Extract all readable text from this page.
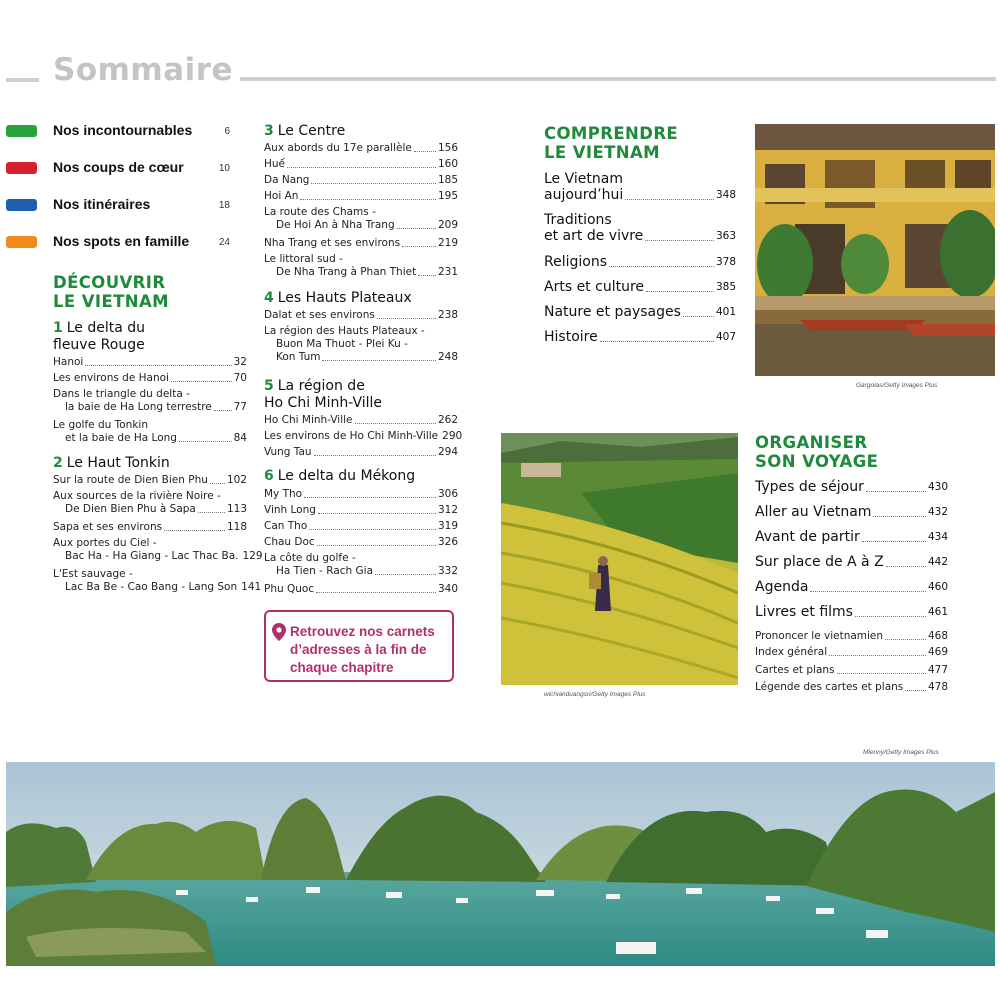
Sommaire
Nos incontournables	6
Nos coups de cœur	10
Nos itinéraires	18
Nos spots en famille	24
DÉCOUVRIR
LE VIETNAM
1 Le delta du
fleuve Rouge
Hanoi	32
Les environs de Hanoi	70
Dans le triangle du delta -
la baie de Ha Long terrestre 77
Le golfe du Tonkin
et la baie de Ha Long	84
2 Le Haut Tonkin
Sur la route de Dien Bien Phu 102
Aux sources de la rivière Noire -
De Dien Bien Phu à Sapa	113
Sapa et ses environs	118
Aux portes du Ciel -
Bac Ha - Ha Giang - Lac Thac Ba. 129
L'Est sauvage -
Lac Ba Be - Cao Bang - Lang Son 141
3 Le Centre
Aux abords du 17e parallèle 156
Huế	160
Da Nang	185
Hoi An	195
La route des Chams -
De Hoi An à Nha Trang	209
Nha Trang et ses environs	219
Le littoral sud -
De Nha Trang à Phan Thiet 231
4 Les Hauts Plateaux
Dalat et ses environs	238
La région des Hauts Plateaux -
Buon Ma Thuot - Plei Ku -
Kon Tum	248
5 La région de
Ho Chi Minh-Ville
Ho Chi Minh-Ville	262
Les environs de Ho Chi Minh-Ville 290
Vung Tau	294
6 Le delta du Mékong
My Tho	306
Vinh Long	312
Can Tho	319
Chau Doc	326
La côte du golfe -
Ha Tien - Rach Gia	332
Phu Quoc	340
Retrouvez nos carnets d’adresses à la fin de chaque chapitre
COMPRENDRE
LE VIETNAM
Le Vietnam
aujourd’hui	348
Traditions
et art de vivre	363
Religions	378
Arts et culture	385
Nature et paysages	401
Histoire	407
Gargolas/Getty Images Plus
wichianduangsri/Getty Images Plus
ORGANISER
SON VOYAGE
Types de séjour	430
Aller au Vietnam	432
Avant de partir	434
Sur place de A à Z	442
Agenda	460
Livres et films	461
Prononcer le vietnamien	468
Index général	469
Cartes et plans	477
Légende des cartes et plans 478
Mlenny/Getty Images Plus
